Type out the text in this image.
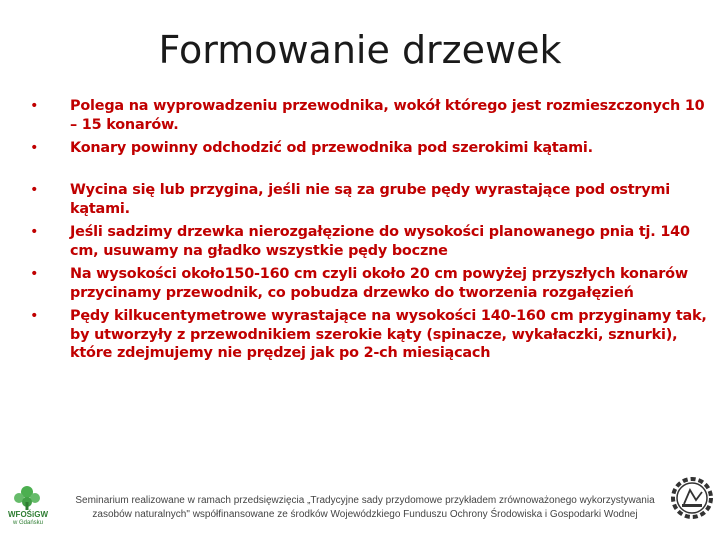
Formowanie drzewek
•	Polega na wyprowadzeniu przewodnika, wokół którego jest rozmieszczonych 10 – 15 konarów.
•	Konary powinny odchodzić od przewodnika pod szerokimi kątami.
•	Wycina się lub przygina, jeśli nie są za grube pędy wyrastające pod ostrymi kątami.
•	Jeśli sadzimy drzewka nierozgałęzione do wysokości planowanego pnia tj. 140 cm, usuwamy na gładko wszystkie pędy boczne
•	Na wysokości około150-160 cm czyli około 20 cm powyżej przyszłych konarów przycinamy przewodnik, co pobudza drzewko do tworzenia rozgałęzień
•	Pędy kilkucentymetrowe wyrastające na wysokości 140-160 cm przyginamy tak, by utworzyły z przewodnikiem szerokie kąty (spinacze, wykałaczki, sznurki), które zdejmujemy nie prędzej jak po 2-ch miesiącach
WFOŚiGW
w Gdańsku
Seminarium realizowane w ramach przedsięwzięcia „Tradycyjne sady przydomowe przykładem zrównoważonego wykorzystywania zasobów naturalnych" współfinansowane ze środków Wojewódzkiego Funduszu Ochrony Środowiska i Gospodarki Wodnej
